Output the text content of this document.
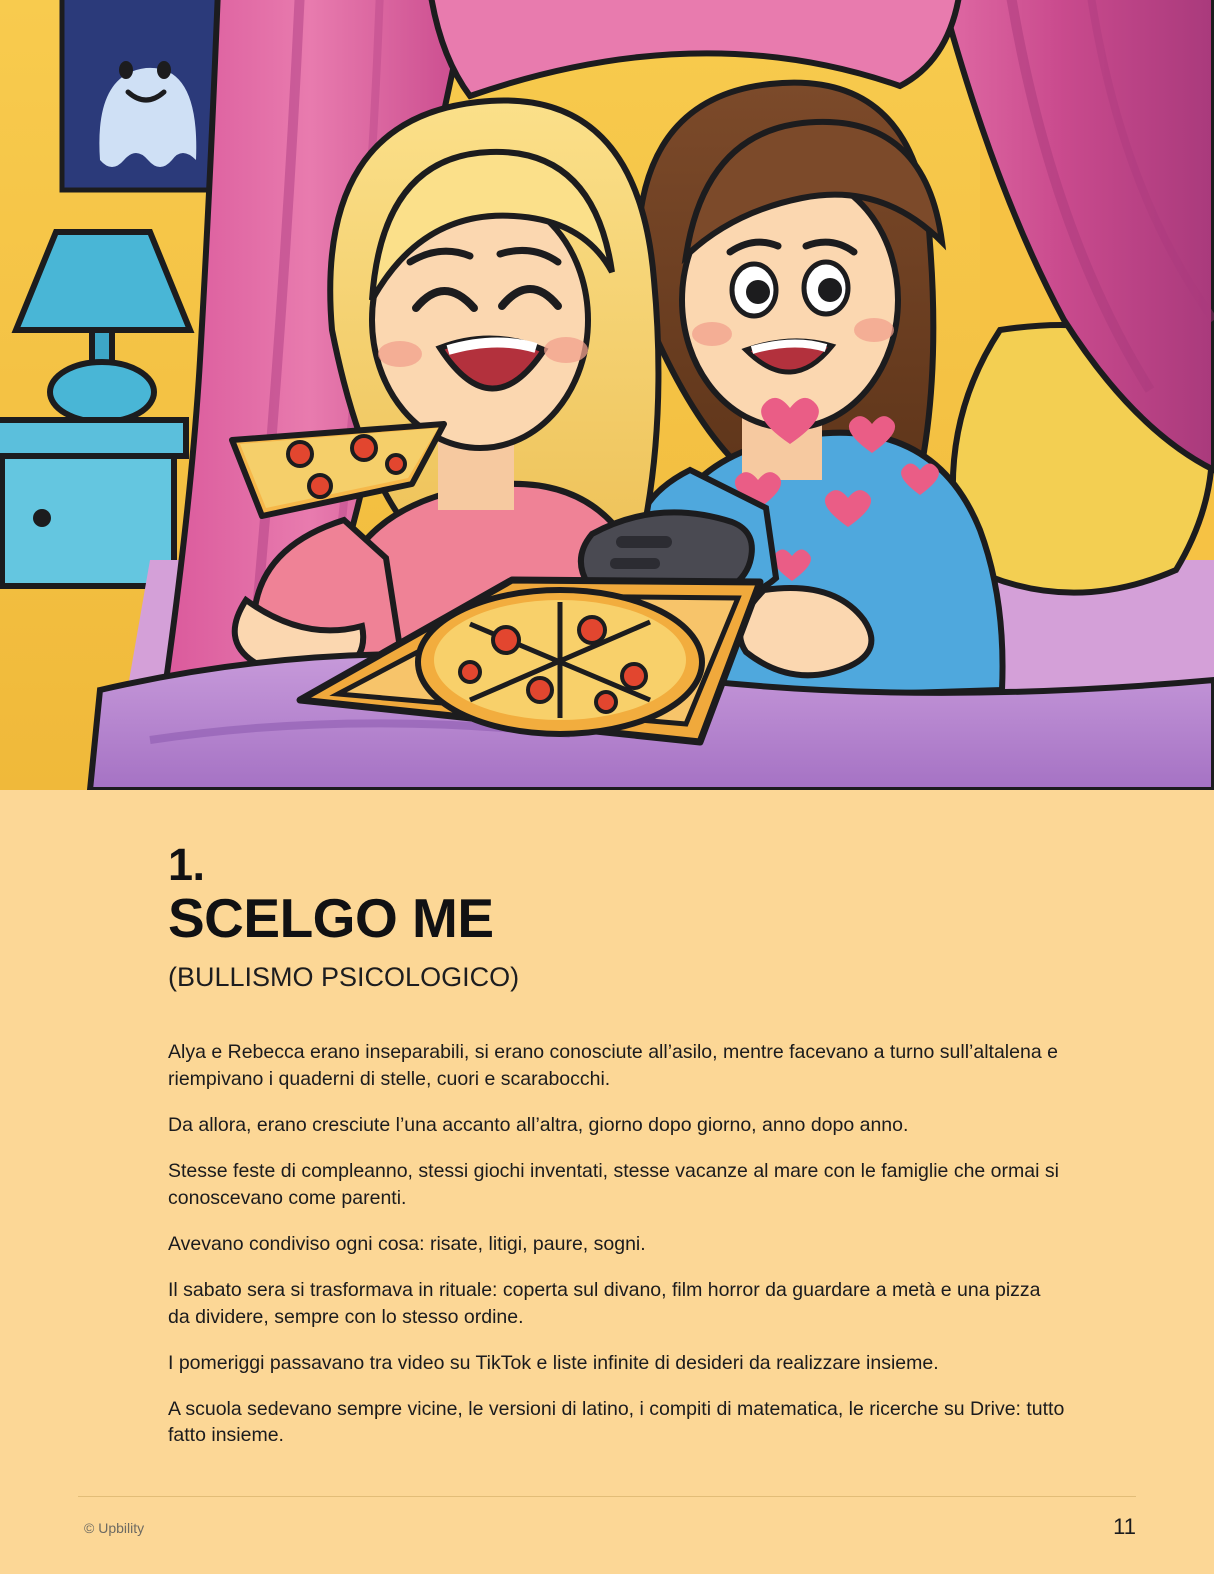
1.
SCELGO ME
(BULLISMO PSICOLOGICO)

Alya e Rebecca erano inseparabili, si erano conosciute all’asilo, mentre facevano a turno sull’altalena e riempivano i quaderni di stelle, cuori e scarabocchi.

Da allora, erano cresciute l’una accanto all’altra, giorno dopo giorno, anno dopo anno.

Stesse feste di compleanno, stessi giochi inventati, stesse vacanze al mare con le famiglie che ormai si conoscevano come parenti.

Avevano condiviso ogni cosa: risate, litigi, paure, sogni.

Il sabato sera si trasformava in rituale: coperta sul divano, film horror da guardare a metà e una pizza da dividere, sempre con lo stesso ordine.

I pomeriggi passavano tra video su TikTok e liste infinite di desideri da realizzare insieme.

A scuola sedevano sempre vicine, le versioni di latino, i compiti di matematica, le ricerche su Drive: tutto fatto insieme.

© Upbility	11
